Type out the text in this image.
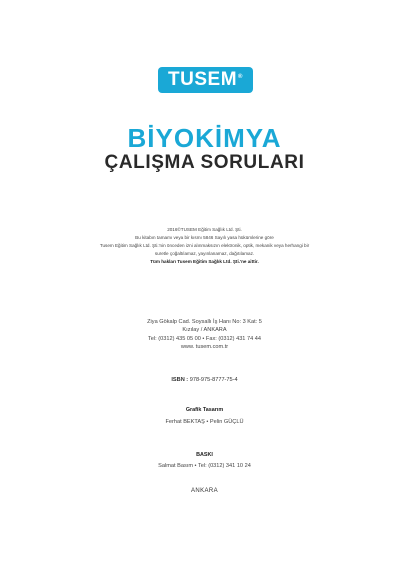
TUSEM®
BİYOKİMYA
ÇALIŞMA SORULARI
2016©TUSEM Eğitim Sağlık Ltd. Şti.
Bu kitabın tamamı veya bir kısmı 5846 Sayılı yasa hükümlerine göre
Tusem Eğitim Sağlık Ltd. Şti.'nin önceden izni alınmaksızın elektronik, optik, mekanik veya herhangi bir
suretle çoğaltılamaz, yayınlanamaz, dağıtılamaz.
Tüm hakları Tusem Eğitim Sağlık Ltd. Şti.'ne aittir.
Ziya Gökalp Cad. Soysallı İş Hanı No: 3 Kat: 5
Kızılay / ANKARA
Tel: (0312) 435 05 00 • Fax: (0312) 431 74 44
www. tusem.com.tr
ISBN : 978-975-8777-75-4
Grafik Tasarım
Ferhat BEKTAŞ • Pelin GÜÇLÜ
BASKI
Salmat Basım • Tel: (0312) 341 10 24
ANKARA
